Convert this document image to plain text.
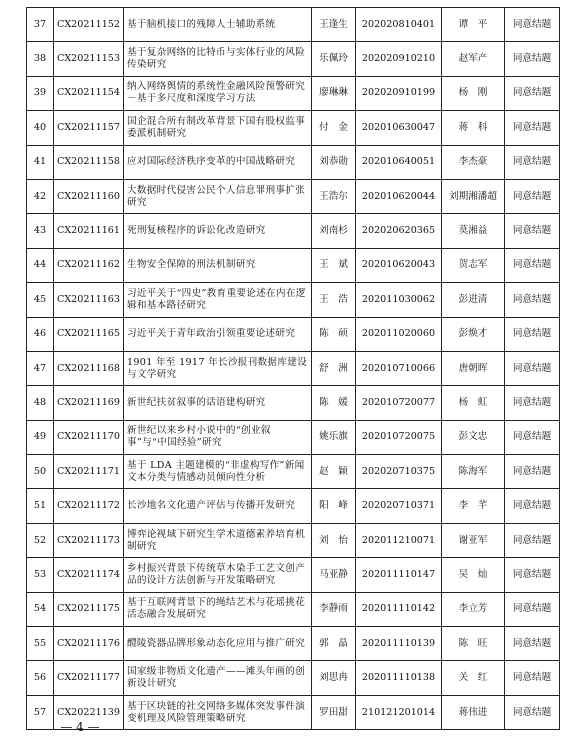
37	CX20211152	基于脑机接口的残障人士辅助系统	王逢生	202020810401	谭　平	同意结题
38	CX20211153	基于复杂网络的比特币与实体行业的风险传染研究	乐佩玲	202020910210	赵军产	同意结题
39	CX20211154	纳入网络舆情的系统性金融风险预警研究－基于多尺度和深度学习方法	廖琳琳	202020910199	杨　刚	同意结题
40	CX20211157	国企混合所有制改革背景下国有股权监事委派机制研究	付　金	202010630047	蒋　科	同意结题
41	CX20211158	应对国际经济秩序变革的中国战略研究	刘恭勋	202010640051	李杰豪	同意结题
42	CX20211160	大数据时代侵害公民个人信息罪刑事扩张研究	王浩尔	202010620044	刘期湘潘超	同意结题
43	CX20211161	死刑复核程序的诉讼化改造研究	刘南杉	202020620365	莫湘益	同意结题
44	CX20211162	生物安全保障的刑法机制研究	王　斌	202010620043	贺志军	同意结题
45	CX20211163	习近平关于“四史”教育重要论述在内在逻辑和基本路径研究	王　浩	202011030062	彭进清	同意结题
46	CX20211165	习近平关于青年政治引领重要论述研究	陈　硕	202011020060	彭焕才	同意结题
47	CX20211168	1901 年至 1917 年长沙报刊数据库建设与文学研究	舒　洲	202010710066	唐朝晖	同意结题
48	CX20211169	新世纪扶贫叙事的话语建构研究	陈　媛	202010720077	杨　虹	同意结题
49	CX20211170	新世纪以来乡村小说中的“创业叙事”与“中国经验”研究	姚乐旗	202010720075	彭文忠	同意结题
50	CX20211171	基于 LDA 主题建模的“非虚构写作”新闻文本分类与情感动员倾向性分析	赵　颖	202020710375	陈海军	同意结题
51	CX20211172	长沙地名文化遗产评估与传播开发研究	阳　峰	202020710371	李　芊	同意结题
52	CX20211173	博弈论视域下研究生学术道德素养培育机制研究	刘　怡	202011210071	谢亚军	同意结题
53	CX20211174	乡村振兴背景下传统草木染手工艺文创产品的设计方法创新与开发策略研究	马亚静	202011110147	吴　灿	同意结题
54	CX20211175	基于互联网背景下的绳结艺术与花瑶挑花活态融合发展研究	李静雨	202011110142	李立芳	同意结题
55	CX20211176	醴陵瓷器品牌形象动态化应用与推广研究	郭　晶	202011110139	陈　旺	同意结题
56	CX20211177	国家级非物质文化遗产——滩头年画的创新设计研究	刘思冉	202011110138	关　红	同意结题
57	CX20221139	基于区块链的社交网络多媒体突发事件演变机理及风险管理策略研究	罗田甜	210121201014	蒋伟进	同意结题
— 4 —
